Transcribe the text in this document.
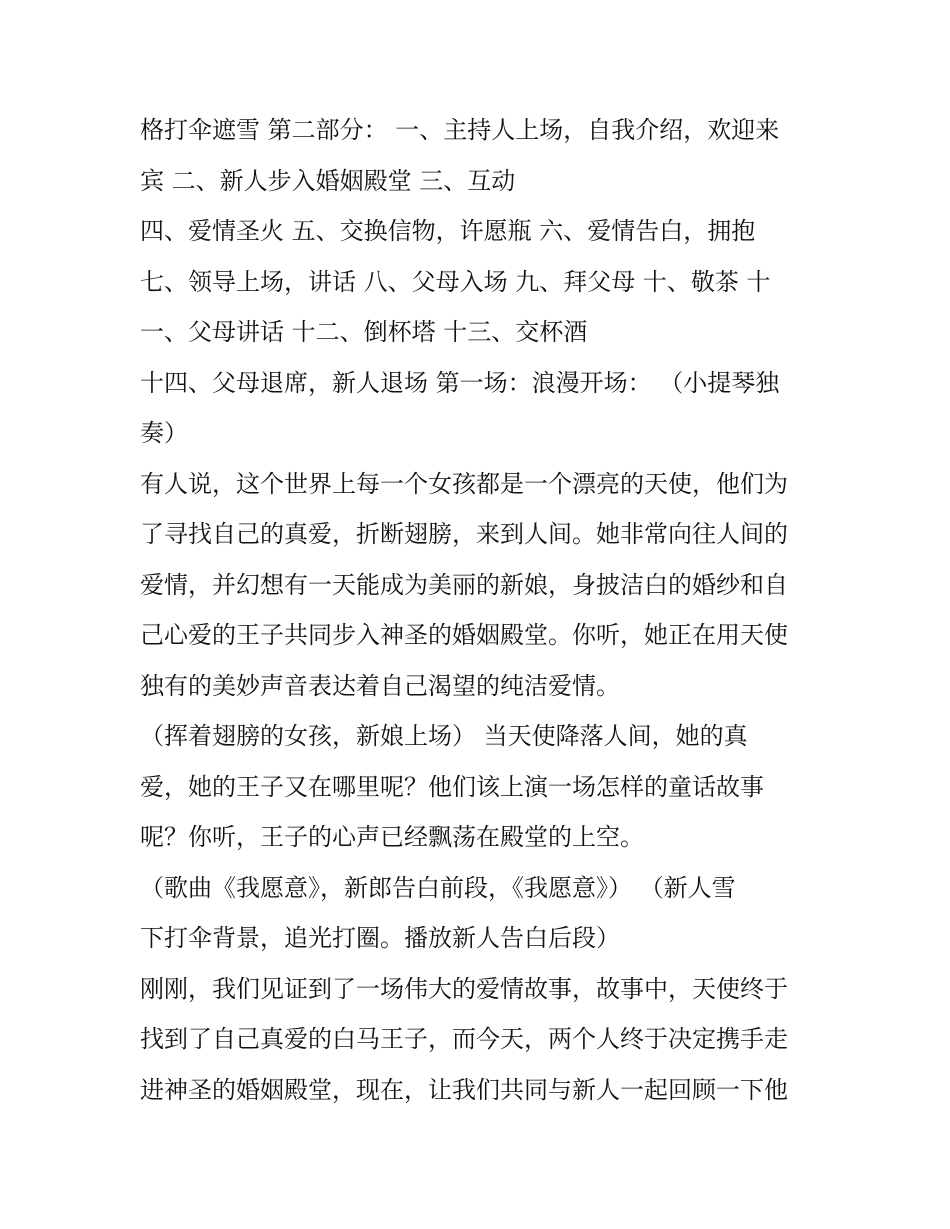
格打伞遮雪 第二部分： 一、主持人上场，自我介绍，欢迎来
宾 二、新人步入婚姻殿堂 三、互动
四、爱情圣火 五、交换信物，许愿瓶 六、爱情告白，拥抱
七、领导上场，讲话 八、父母入场 九、拜父母 十、敬茶 十
一、父母讲话 十二、倒杯塔 十三、交杯酒
十四、父母退席，新人退场 第一场：浪漫开场： （小提琴独
奏）
有人说，这个世界上每一个女孩都是一个漂亮的天使，他们为
了寻找自己的真爱，折断翅膀，来到人间。她非常向往人间的
爱情，并幻想有一天能成为美丽的新娘，身披洁白的婚纱和自
己心爱的王子共同步入神圣的婚姻殿堂。你听，她正在用天使
独有的美妙声音表达着自己渴望的纯洁爱情。
（挥着翅膀的女孩，新娘上场） 当天使降落人间，她的真
爱，她的王子又在哪里呢？他们该上演一场怎样的童话故事
呢？你听，王子的心声已经飘荡在殿堂的上空。
（歌曲《我愿意》，新郎告白前段，《我愿意》） （新人雪
下打伞背景，追光打圈。播放新人告白后段）
刚刚，我们见证到了一场伟大的爱情故事，故事中，天使终于
找到了自己真爱的白马王子，而今天，两个人终于决定携手走
进神圣的婚姻殿堂，现在，让我们共同与新人一起回顾一下他
